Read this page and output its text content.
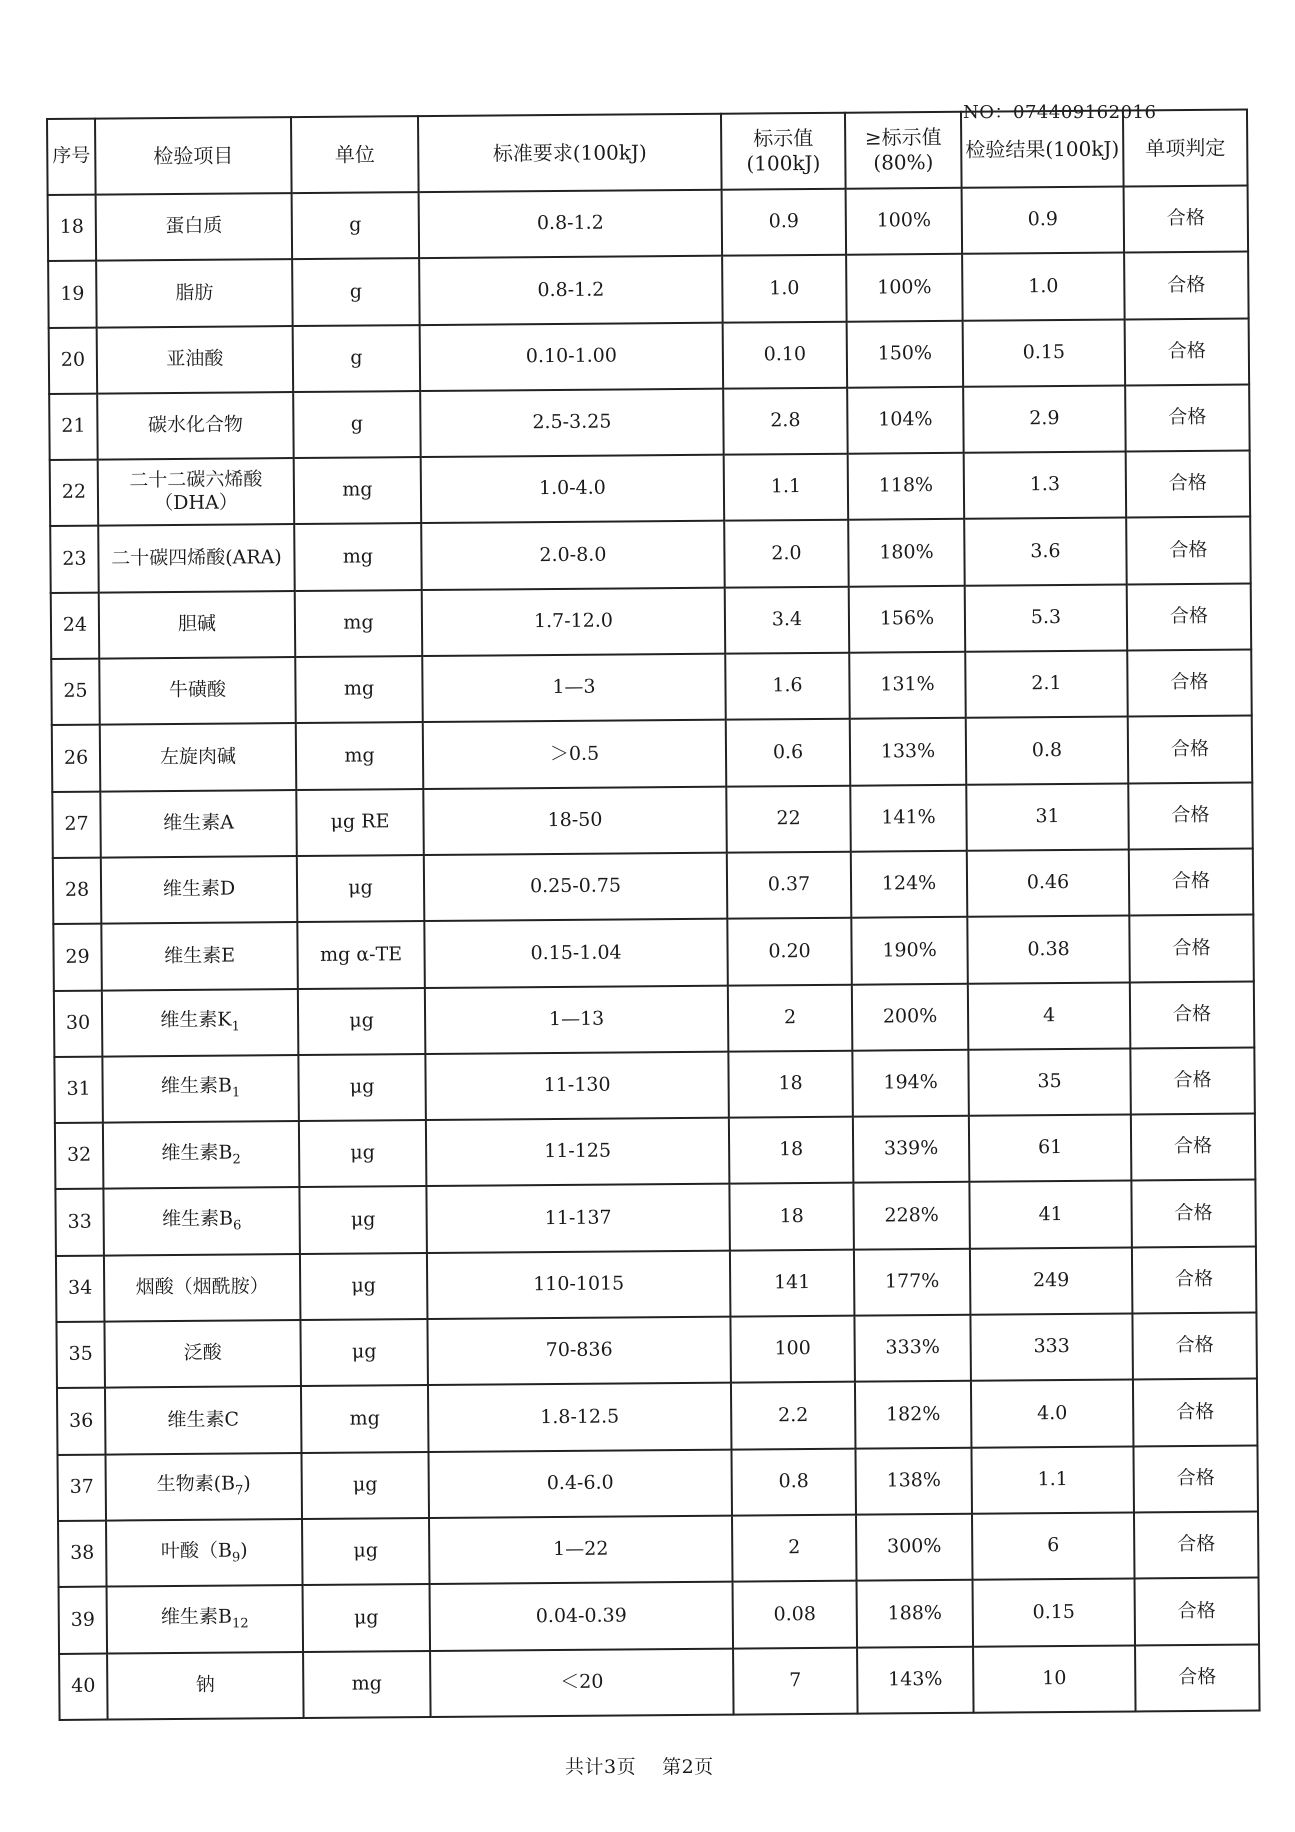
NO：074409162016
序号	检验项目	单位	标准要求(100kJ)	标示值(100kJ)	≥标示值(80%)	检验结果(100kJ)	单项判定
18	蛋白质	g	0.8-1.2	0.9	100%	0.9	合格
19	脂肪	g	0.8-1.2	1.0	100%	1.0	合格
20	亚油酸	g	0.10-1.00	0.10	150%	0.15	合格
21	碳水化合物	g	2.5-3.25	2.8	104%	2.9	合格
22	二十二碳六烯酸（DHA）	mg	1.0-4.0	1.1	118%	1.3	合格
23	二十碳四烯酸(ARA)	mg	2.0-8.0	2.0	180%	3.6	合格
24	胆碱	mg	1.7-12.0	3.4	156%	5.3	合格
25	牛磺酸	mg	1—3	1.6	131%	2.1	合格
26	左旋肉碱	mg	＞0.5	0.6	133%	0.8	合格
27	维生素A	μg RE	18-50	22	141%	31	合格
28	维生素D	μg	0.25-0.75	0.37	124%	0.46	合格
29	维生素E	mg α-TE	0.15-1.04	0.20	190%	0.38	合格
30	维生素$K_1$	μg	1—13	2	200%	4	合格
31	维生素$B_1$	μg	11-130	18	194%	35	合格
32	维生素$B_2$	μg	11-125	18	339%	61	合格
33	维生素$B_6$	μg	11-137	18	228%	41	合格
34	烟酸（烟酰胺）	μg	110-1015	141	177%	249	合格
35	泛酸	μg	70-836	100	333%	333	合格
36	维生素C	mg	1.8-12.5	2.2	182%	4.0	合格
37	生物素$(B_7)$	μg	0.4-6.0	0.8	138%	1.1	合格
38	叶酸$(B_9)$	μg	1—22	2	300%	6	合格
39	维生素$B_{12}$	μg	0.04-0.39	0.08	188%	0.15	合格
40	钠	mg	＜20	7	143%	10	合格
共计3页 第2页
